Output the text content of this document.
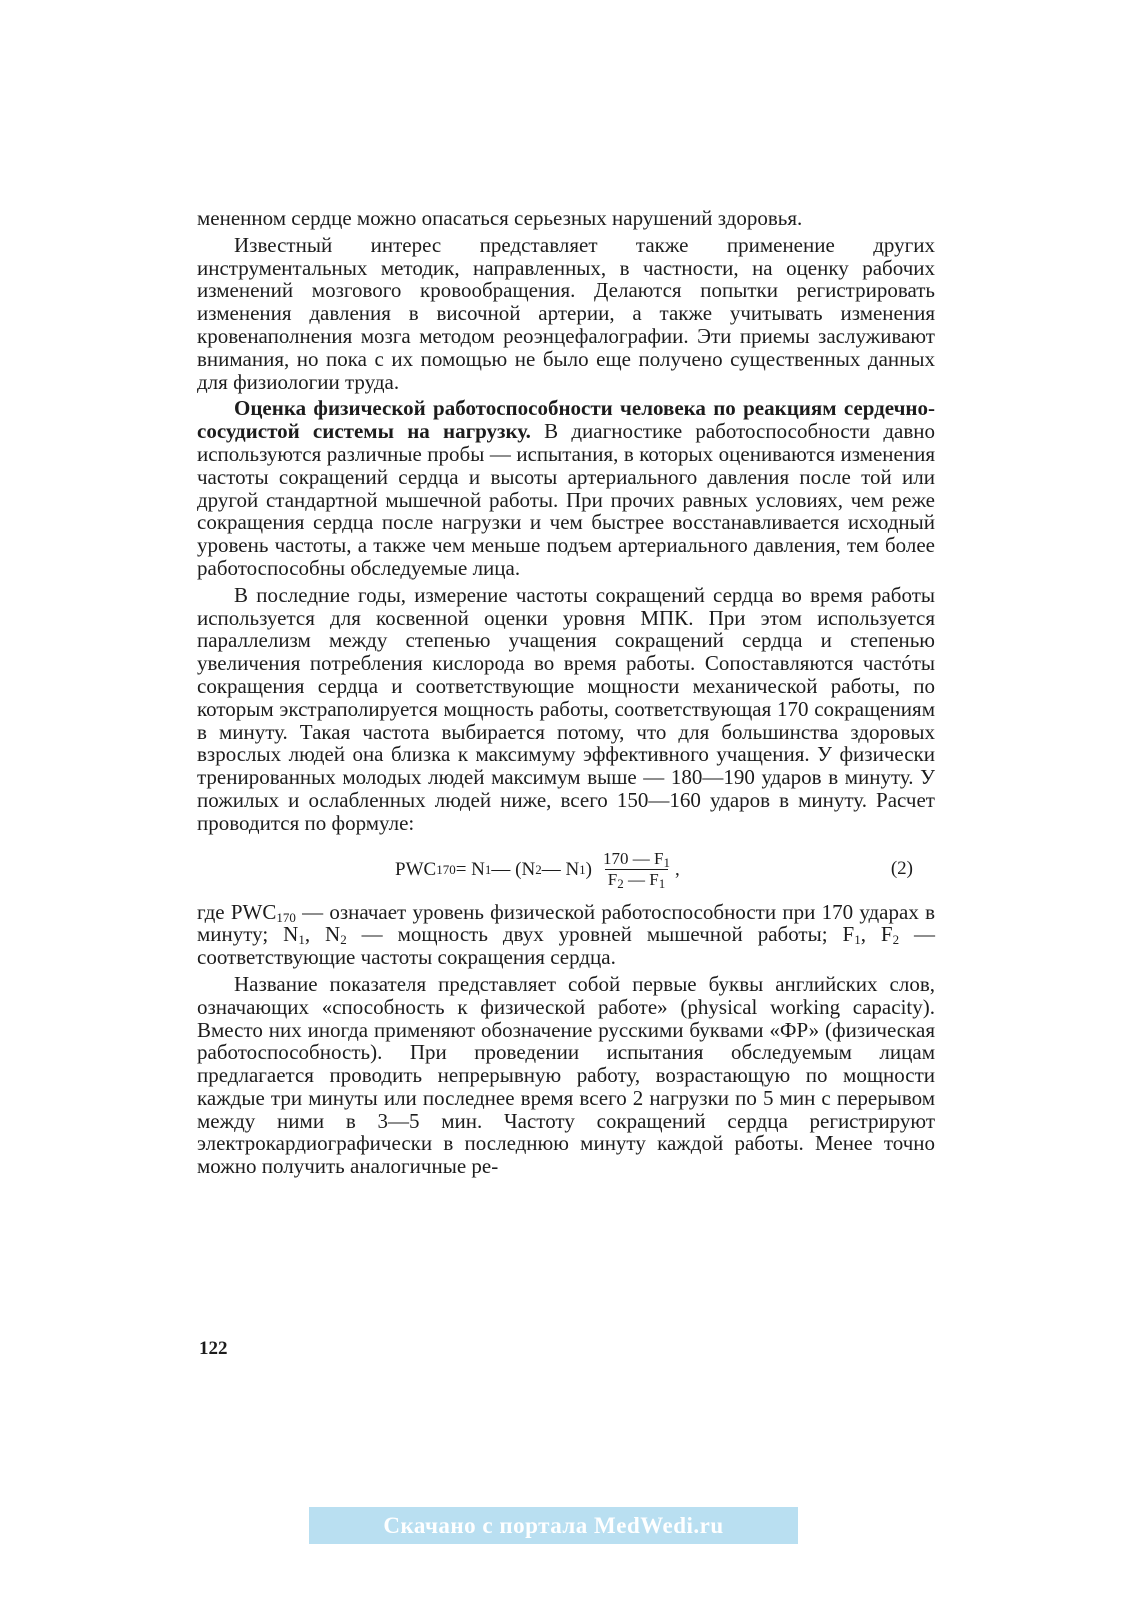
мененном сердце можно опасаться серьезных нарушений здоровья.

Известный интерес представляет также применение других инструментальных методик, направленных, в частности, на оценку рабочих изменений мозгового кровообращения. Делаются попытки регистрировать изменения давления в височной артерии, а также учитывать изменения кровенаполнения мозга методом реоэнцефалографии. Эти приемы заслуживают внимания, но пока с их помощью не было еще получено существенных данных для физиологии труда.

Оценка физической работоспособности человека по реакциям сердечно-сосудистой системы на нагрузку. В диагностике работоспособности давно используются различные пробы — испытания, в которых оцениваются изменения частоты сокращений сердца и высоты артериального давления после той или другой стандартной мышечной работы. При прочих равных условиях, чем реже сокращения сердца после нагрузки и чем быстрее восстанавливается исходный уровень частоты, а также чем меньше подъем артериального давления, тем более работоспособны обследуемые лица.

В последние годы, измерение частоты сокращений сердца во время работы используется для косвенной оценки уровня МПК. При этом используется параллелизм между степенью учащения сокращений сердца и степенью увеличения потребления кислорода во время работы. Сопоставляются частóты сокращения сердца и соответствующие мощности механической работы, по которым экстраполируется мощность работы, соответствующая 170 сокращениям в минуту. Такая частота выбирается потому, что для большинства здоровых взрослых людей она близка к максимуму эффективного учащения. У физически тренированных молодых людей максимум выше — 180—190 ударов в минуту. У пожилых и ослабленных людей ниже, всего 150—160 ударов в минуту. Расчет проводится по формуле:

PWC 170 = N 1 — (N 2 — N 1 ) $\frac{170 — F_1}{F_2 — F_1}$ ,	(2)

где $PWC_{170}$ — означает уровень физической работоспособности при 170 ударах в минуту; $N_1$, $N_2$ — мощность двух уровней мышечной работы; $F_1$, $F_2$ — соответствующие частоты сокращения сердца.

Название показателя представляет собой первые буквы английских слов, означающих «способность к физической работе» (physical working capacity). Вместо них иногда применяют обозначение русскими буквами «ФР» (физическая работоспособность). При проведении испытания обследуемым лицам предлагается проводить непрерывную работу, возрастающую по мощности каждые три минуты или последнее время всего 2 нагрузки по 5 мин с перерывом между ними в 3—5 мин. Частоту сокращений сердца регистрируют электрокардиографически в последнюю минуту каждой работы. Менее точно можно получить аналогичные ре-

122
Скачано с портала MedWedi.ru
